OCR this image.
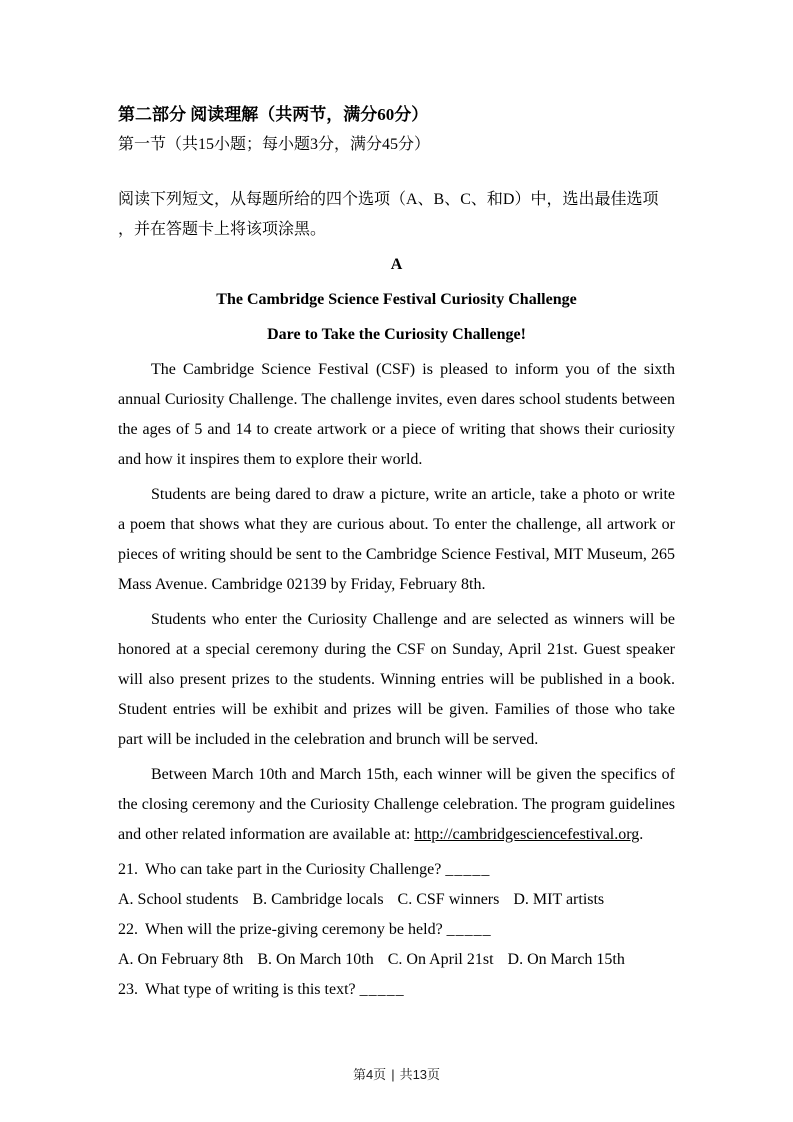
第二部分 阅读理解（共两节，满分60分）
第一节（共15小题；每小题3分，满分45分）
阅读下列短文，从每题所给的四个选项（A、B、C、和D）中，选出最佳选项
，并在答题卡上将该项涂黑。
A
The Cambridge Science Festival Curiosity Challenge
Dare to Take the Curiosity Challenge!

The Cambridge Science Festival (CSF) is pleased to inform you of the sixth annual Curiosity Challenge. The challenge invites, even dares school students between the ages of 5 and 14 to create artwork or a piece of writing that shows their curiosity and how it inspires them to explore their world.

Students are being dared to draw a picture, write an article, take a photo or write a poem that shows what they are curious about. To enter the challenge, all artwork or pieces of writing should be sent to the Cambridge Science Festival, MIT Museum, 265 Mass Avenue. Cambridge 02139 by Friday, February 8th.

Students who enter the Curiosity Challenge and are selected as winners will be honored at a special ceremony during the CSF on Sunday, April 21st. Guest speaker will also present prizes to the students. Winning entries will be published in a book. Student entries will be exhibit and prizes will be given. Families of those who take part will be included in the celebration and brunch will be served.

Between March 10th and March 15th, each winner will be given the specifics of the closing ceremony and the Curiosity Challenge celebration. The program guidelines and other related information are available at: http://cambridgesciencefestival.org.

21. Who can take part in the Curiosity Challenge? _____
A. School students B. Cambridge locals C. CSF winners D. MIT artists
22. When will the prize-giving ceremony be held? _____
A. On February 8th B. On March 10th C. On April 21st D. On March 15th
23. What type of writing is this text? _____
第4页 | 共13页
